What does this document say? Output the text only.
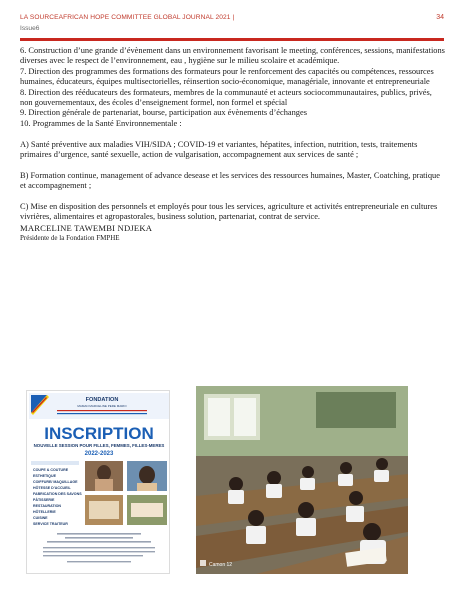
LA SOURCEAFRICAN HOPE COMMITTEE GLOBAL JOURNAL 2021 |
Issue6
34

6. Construction d’une grande d’évènement dans un environnement favorisant le meeting, conférences, sessions, manifestations diverses avec le respect de l’environnement, eau , hygiène sur le milieu scolaire et académique.

7. Direction des programmes des formations des formateurs pour le renforcement des capacités ou compétences, ressources humaines, éducateurs, équipes multisectorielles, réinsertion socio-économique, managériale, innovante et entrepreneuriale

8. Direction des rééducateurs des formateurs, membres de la communauté et acteurs sociocommunautaires, publics, privés, non gouvernementaux, des écoles d’enseignement formel, non formel et spécial

9. Direction générale de partenariat, bourse, participation aux évènements d’échanges

10. Programmes de la Santé Environnementale :

A) Santé préventive aux maladies VIH/SIDA ; COVID-19 et variantes, hépatites, infection, nutrition, tests, traitements primaires d’urgence, santé sexuelle, action de vulgarisation, accompagnement aux services de santé ;

B) Formation continue, management of advance desease et les services des ressources humaines, Master, Coatching, pratique et accompagnement ;

C) Mise en disposition des personnels et employés pour tous les services, agriculture et activités entrepreneuriale en cultures vivrières, alimentaires et agropastorales, business solution, partenariat, contrat de service.

MARCELINE TAWEMBI NDJEKA

Présidente de la Fondation FMPHE

FONDATION
MAMAN MARCELINE PERE MARIO
INSCRIPTION
NOUVELLE SESSION POUR FILLES, FEMMES, FILLES-MERES
2022-2023
COUPE & COUTURE
ESTHETIQUE
COIFFURE/ MAQUILLAGE
HÔTESSE D’ACCUEIL
FABRICATION DES SAVONS
PÂTISSERIE
RESTAURATION
HÔTELLERIE
CUISINE
SERVICE TRAITEUR
Camon 12
